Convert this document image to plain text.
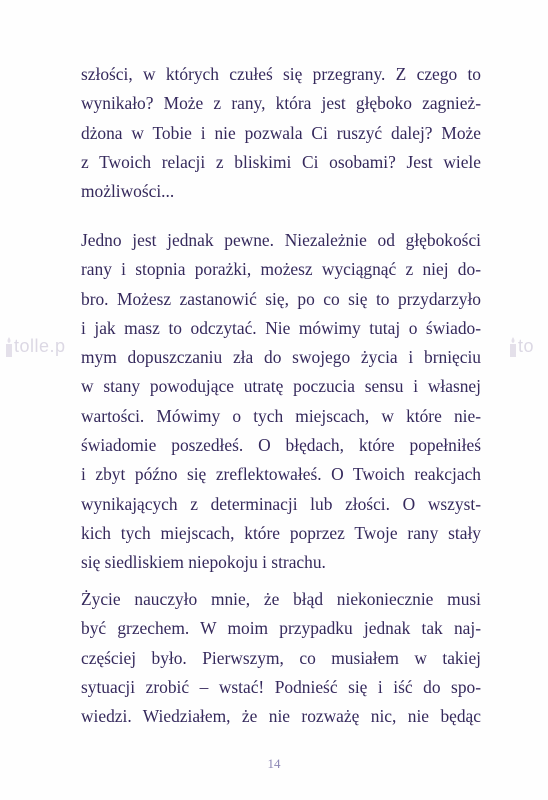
tolle.p	to
szłości, w których czułeś się przegrany. Z czego to
wynikało? Może z rany, która jest głęboko zagnież-
dżona w Tobie i nie pozwala Ci ruszyć dalej? Może
z Twoich relacji z bliskimi Ci osobami? Jest wiele
możliwości...
Jedno jest jednak pewne. Niezależnie od głębokości
rany i stopnia porażki, możesz wyciągnąć z niej do-
bro. Możesz zastanowić się, po co się to przydarzyło
i jak masz to odczytać. Nie mówimy tutaj o świado-
mym dopuszczaniu zła do swojego życia i brnięciu
w stany powodujące utratę poczucia sensu i własnej
wartości. Mówimy o tych miejscach, w które nie-
świadomie poszedłeś. O błędach, które popełniłeś
i zbyt późno się zreflektowałeś. O Twoich reakcjach
wynikających z determinacji lub złości. O wszyst-
kich tych miejscach, które poprzez Twoje rany stały
się siedliskiem niepokoju i strachu.
Życie nauczyło mnie, że błąd niekoniecznie musi
być grzechem. W moim przypadku jednak tak naj-
częściej było. Pierwszym, co musiałem w takiej
sytuacji zrobić – wstać! Podnieść się i iść do spo-
wiedzi. Wiedziałem, że nie rozważę nic, nie będąc
14
